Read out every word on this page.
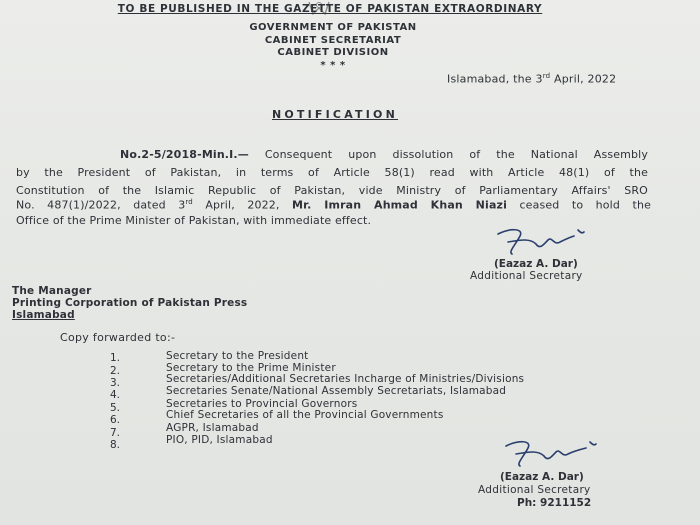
TO BE PUBLISHED IN THE GAZETTE OF PAKISTAN EXTRAORDINARY
GOVERNMENT OF PAKISTAN
CABINET SECRETARIAT
CABINET DIVISION
* * *
Islamabad, the 3rd April, 2022
NOTIFICATION
No.2-5/2018-Min.I.— Consequent upon dissolution of the National Assembly
by the President of Pakistan, in terms of Article 58(1) read with Article 48(1) of the
Constitution of the Islamic Republic of Pakistan, vide Ministry of Parliamentary Affairs' SRO
No. 487(1)/2022, dated 3rd April, 2022, Mr. Imran Ahmad Khan Niazi ceased to hold the
Office of the Prime Minister of Pakistan, with immediate effect.
(Eazaz A. Dar)
Additional Secretary
The Manager
Printing Corporation of Pakistan Press
Islamabad
Copy forwarded to:-
1.	Secretary to the President
2.	Secretary to the Prime Minister
3.	Secretaries/Additional Secretaries Incharge of Ministries/Divisions
4.	Secretaries Senate/National Assembly Secretariats, Islamabad
5.	Secretaries to Provincial Governors
6.	Chief Secretaries of all the Provincial Governments
7.	AGPR, Islamabad
8.	PIO, PID, Islamabad
(Eazaz A. Dar)
Additional Secretary
Ph: 9211152
